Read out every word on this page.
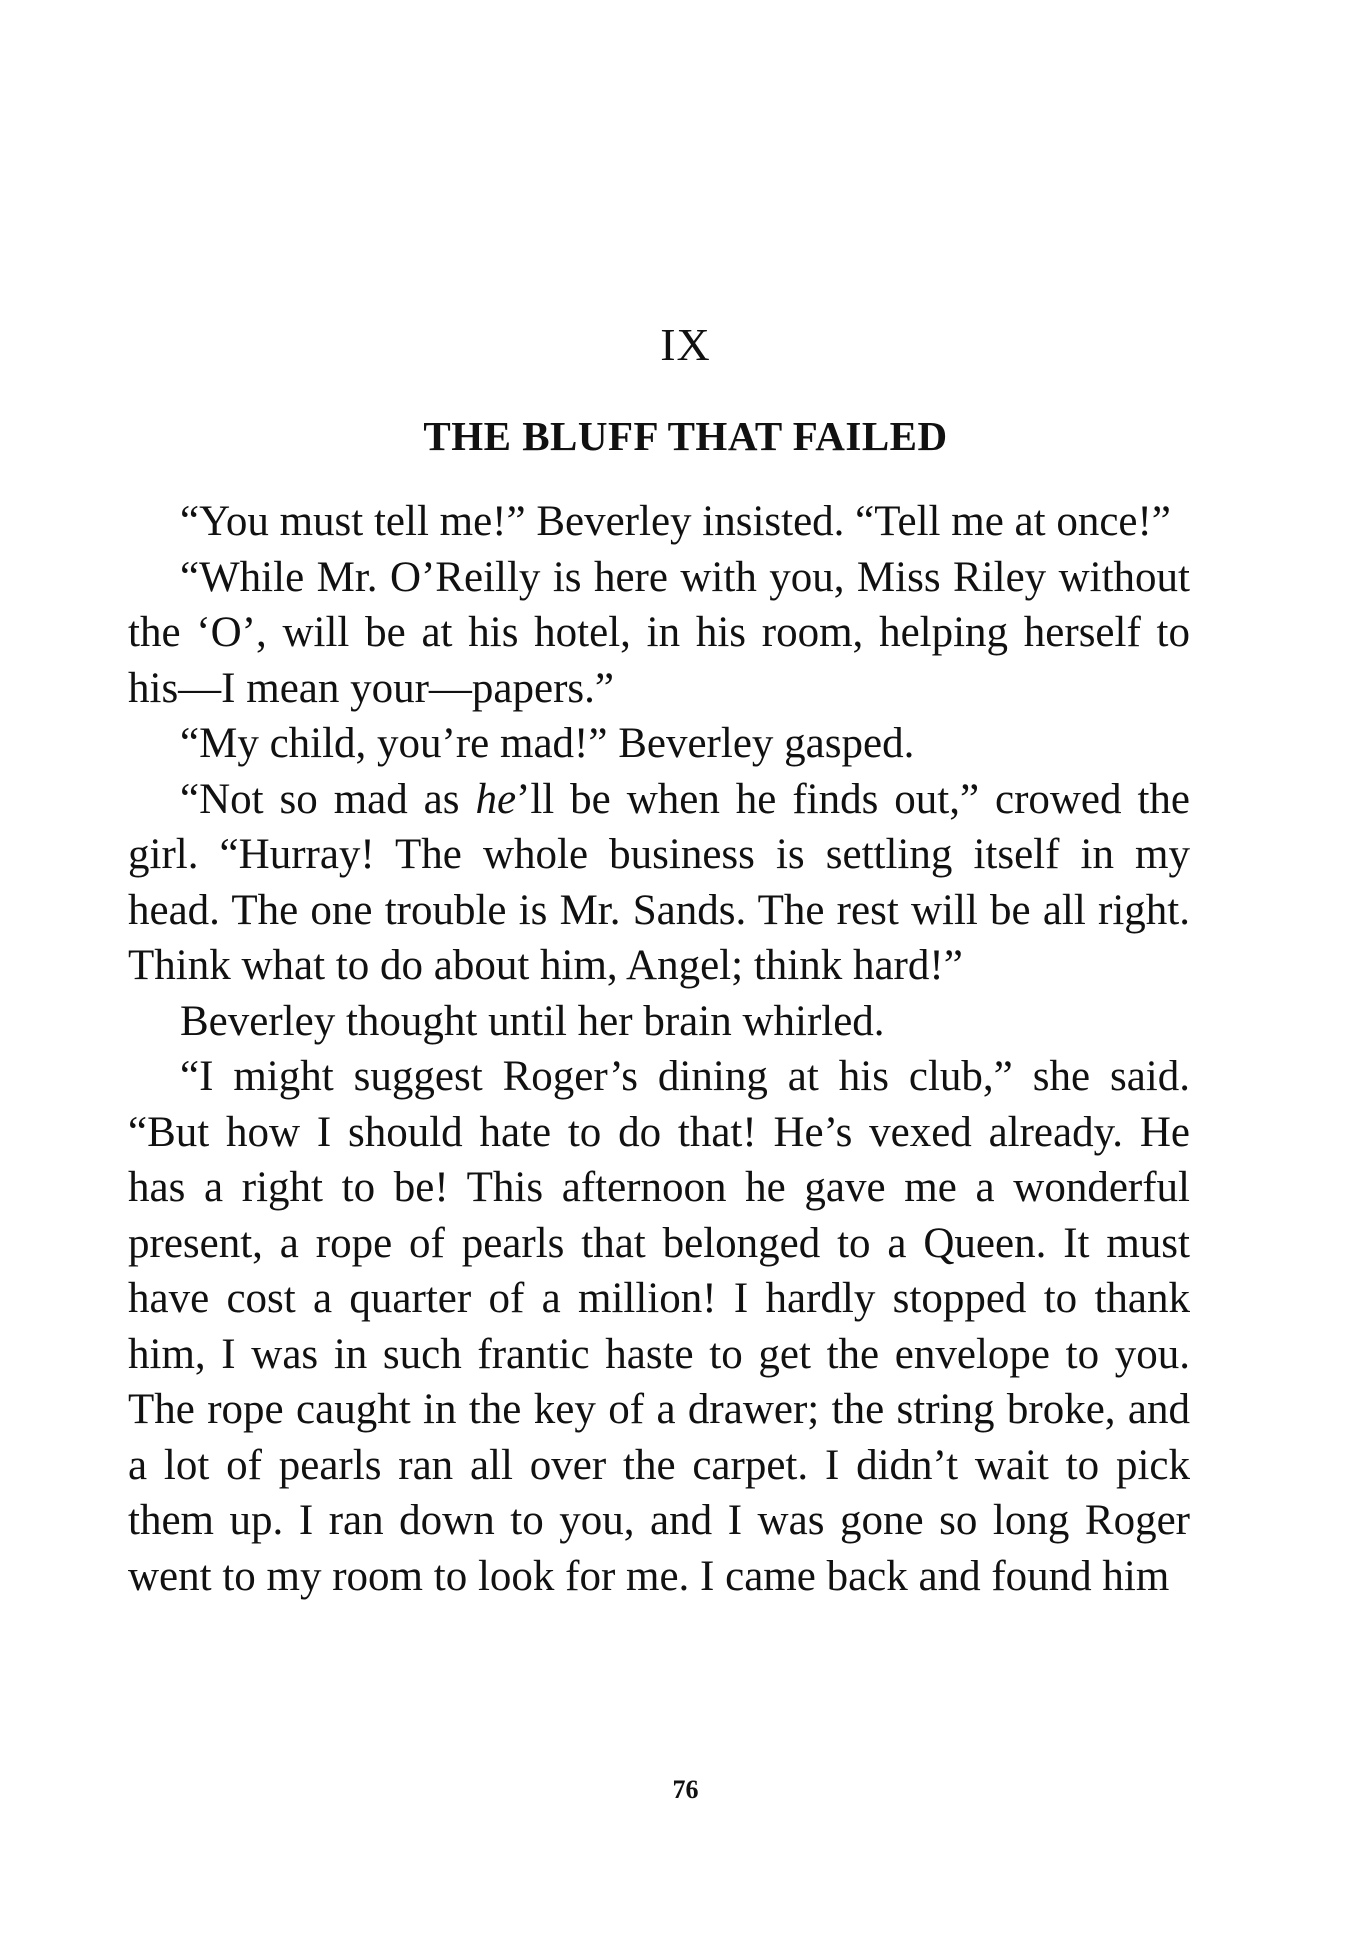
IX
THE BLUFF THAT FAILED

“You must tell me!” Beverley insisted. “Tell me at once!”

“While Mr. O’Reilly is here with you, Miss Riley without the ‘O’, will be at his hotel, in his room, helping herself to his—I mean your—papers.”

“My child, you’re mad!” Beverley gasped.

“Not so mad as he’ll be when he finds out,” crowed the girl. “Hurray! The whole business is settling itself in my head. The one trouble is Mr. Sands. The rest will be all right. Think what to do about him, Angel; think hard!”

Beverley thought until her brain whirled.

“I might suggest Roger’s dining at his club,” she said. “But how I should hate to do that! He’s vexed already. He has a right to be! This afternoon he gave me a wonderful present, a rope of pearls that belonged to a Queen. It must have cost a quarter of a million! I hardly stopped to thank him, I was in such frantic haste to get the envelope to you. The rope caught in the key of a drawer; the string broke, and a lot of pearls ran all over the carpet. I didn’t wait to pick them up. I ran down to you, and I was gone so long Roger went to my room to look for me. I came back and found him

76
